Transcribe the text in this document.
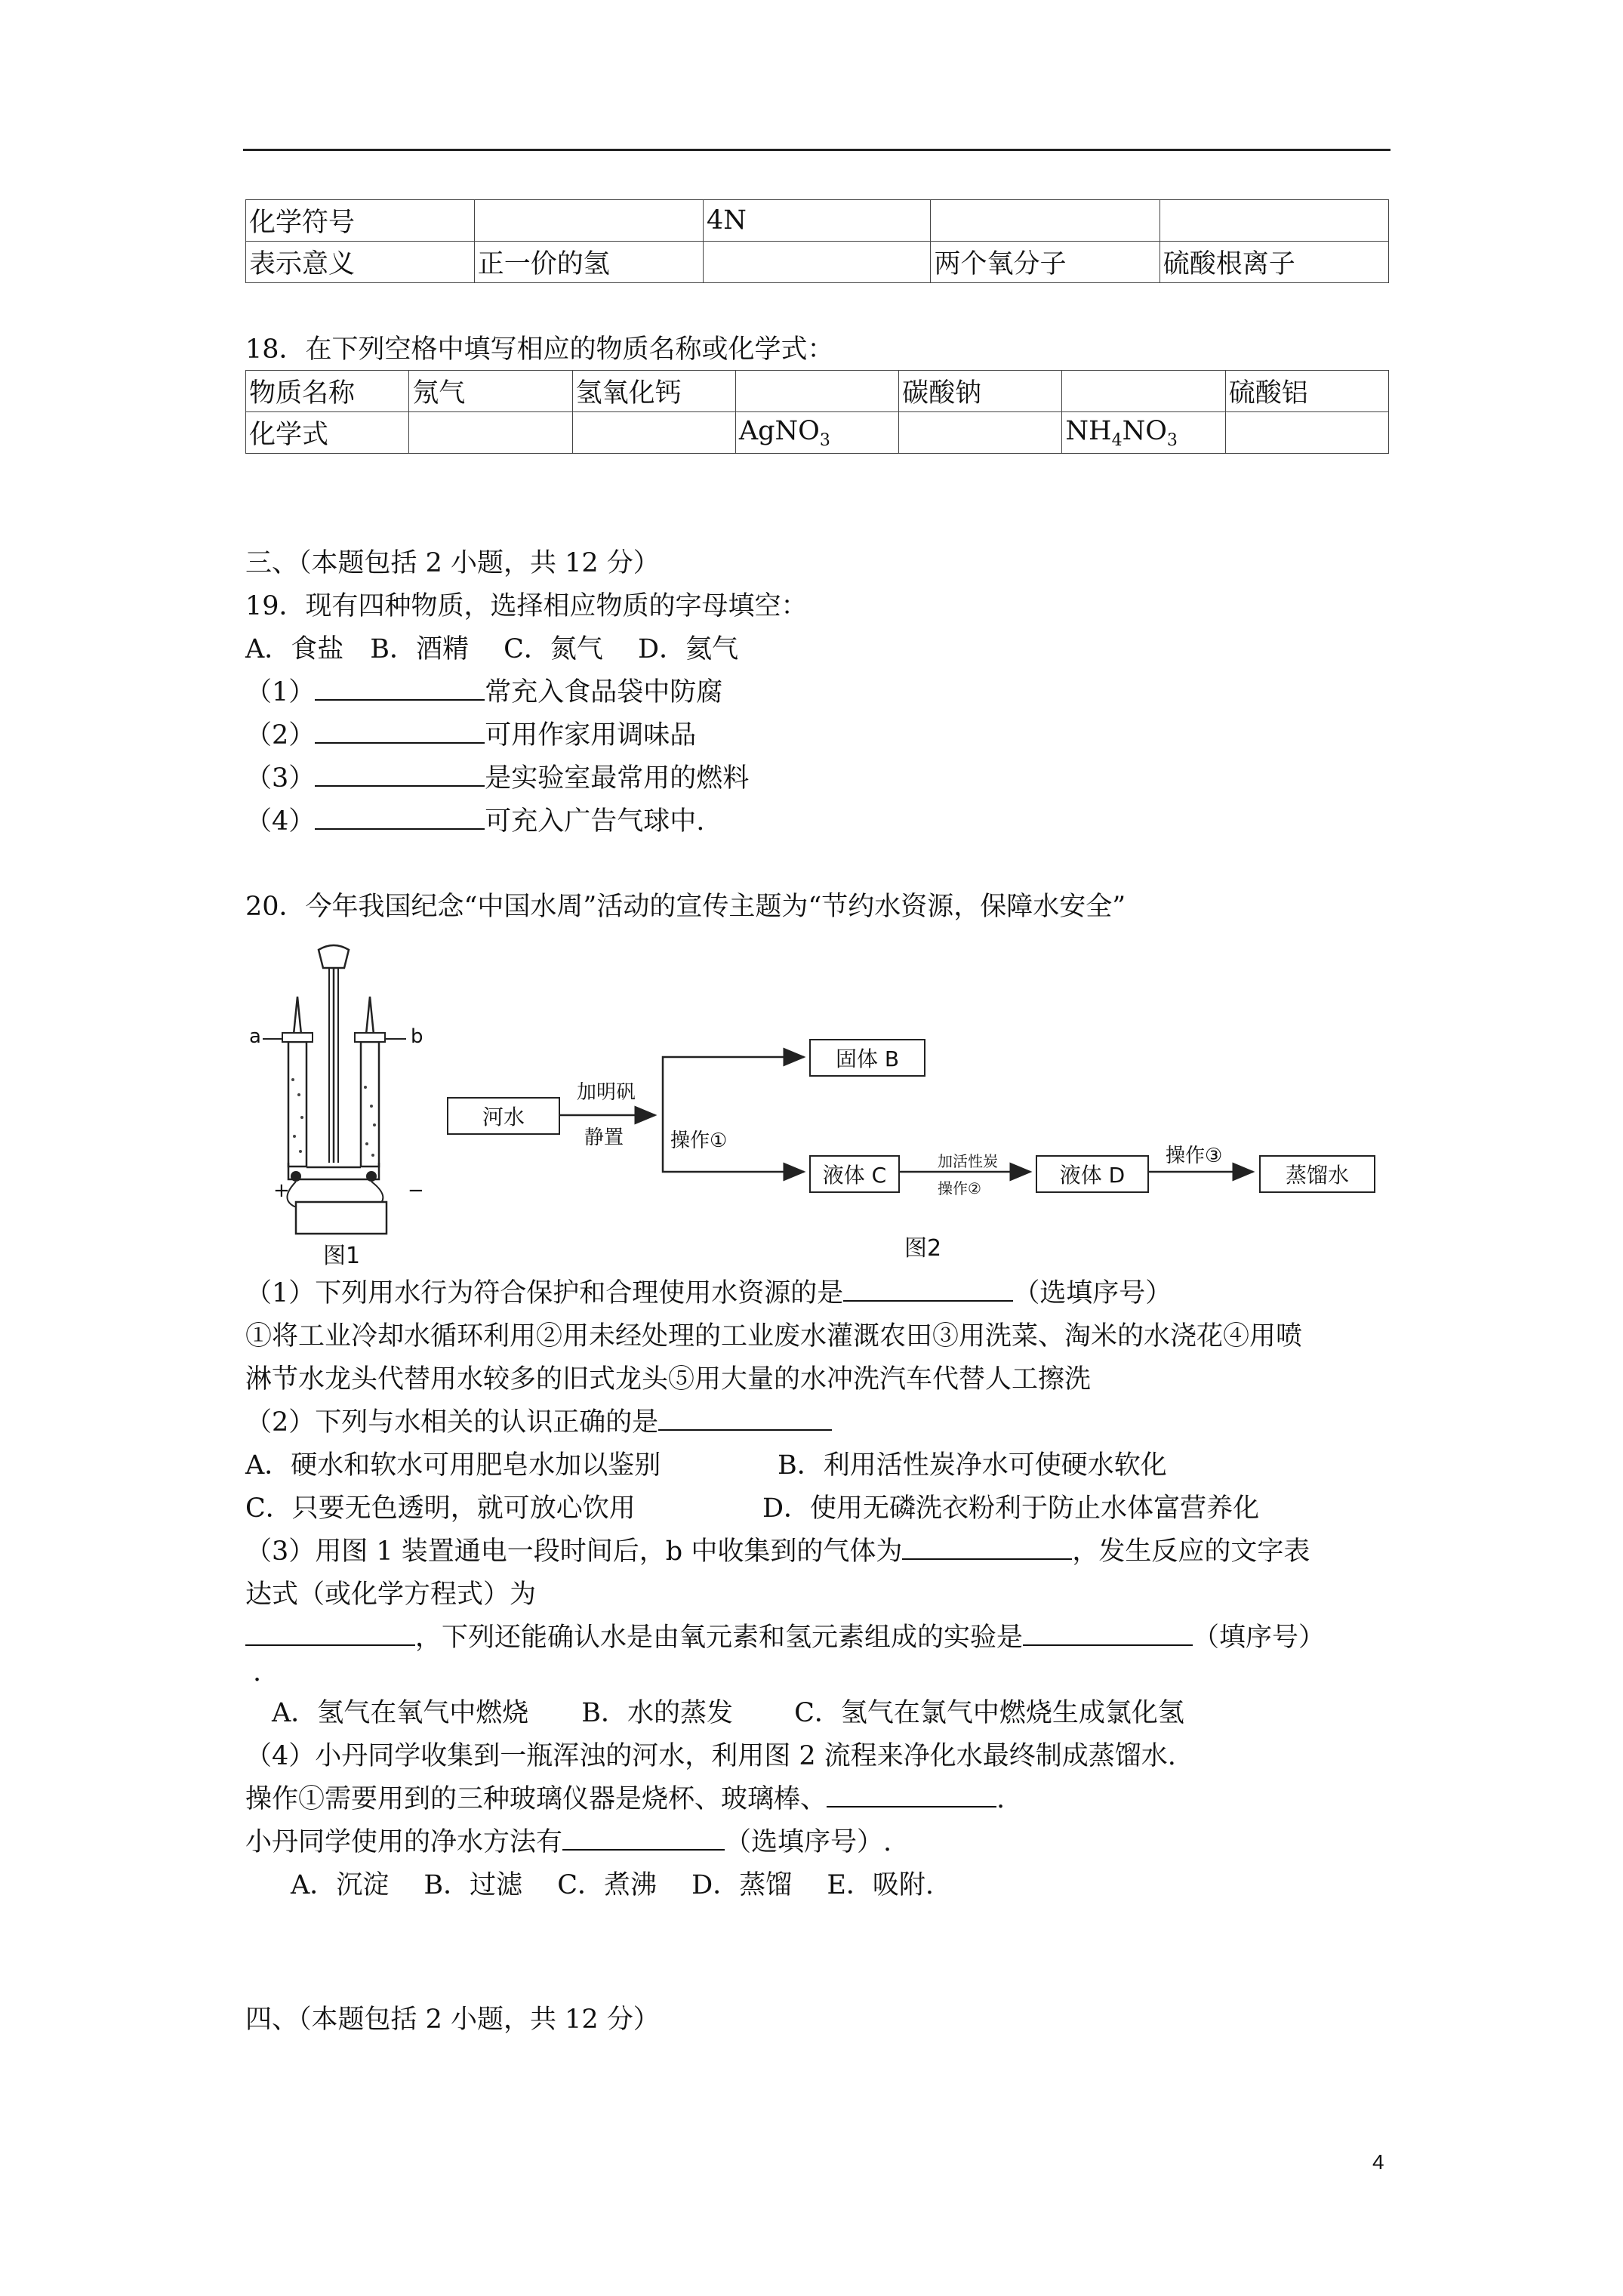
化学符号		4N		
表示意义	正一价的氢		两个氧分子	硫酸根离子
18．在下列空格中填写相应的物质名称或化学式：
物质名称	氖气	氢氧化钙		碳酸钠		硫酸铝
化学式			AgNO$_3$		$NH_4NO_3$	
三、（本题包括 2 小题，共 12 分）
19．现有四种物质，选择相应物质的字母填空：
A．食盐　B．酒精　 C．氮气　 D．氦气
（1）	常充入食品袋中防腐
（2）	可用作家用调味品
（3）	是实验室最常用的燃料
（4）	可充入广告气球中.
20．今年我国纪念“中国水周”活动的宣传主题为“节约水资源，保障水安全”
a	b
+	−
图1
河水
加明矾
静置 操作①
固体 B
液体 C
加活性炭
操作②
液体 D
操作③
蒸馏水
图2
（1）下列用水行为符合保护和合理使用水资源的是	（选填序号）
①将工业冷却水循环利用②用未经处理的工业废水灌溉农田③用洗菜、淘米的水浇花④用喷
淋节水龙头代替用水较多的旧式龙头⑤用大量的水冲洗汽车代替人工擦洗
（2）下列与水相关的认识正确的是
A．硬水和软水可用肥皂水加以鉴别	B．利用活性炭净水可使硬水软化
C．只要无色透明，就可放心饮用	D．使用无磷洗衣粉利于防止水体富营养化
（3）用图 1 装置通电一段时间后，b 中收集到的气体为	，发生反应的文字表
达式（或化学方程式）为
，下列还能确认水是由氧元素和氢元素组成的实验是	（填序号）
.
A．氢气在氧气中燃烧　　B．水的蒸发　　 C．氢气在氯气中燃烧生成氯化氢
（4）小丹同学收集到一瓶浑浊的河水，利用图 2 流程来净化水最终制成蒸馏水.
操作①需要用到的三种玻璃仪器是烧杯、玻璃棒、	.
小丹同学使用的净水方法有	（选填序号）.
A．沉淀　 B．过滤　 C．煮沸　 D．蒸馏　 E．吸附.
四、（本题包括 2 小题，共 12 分）
4
